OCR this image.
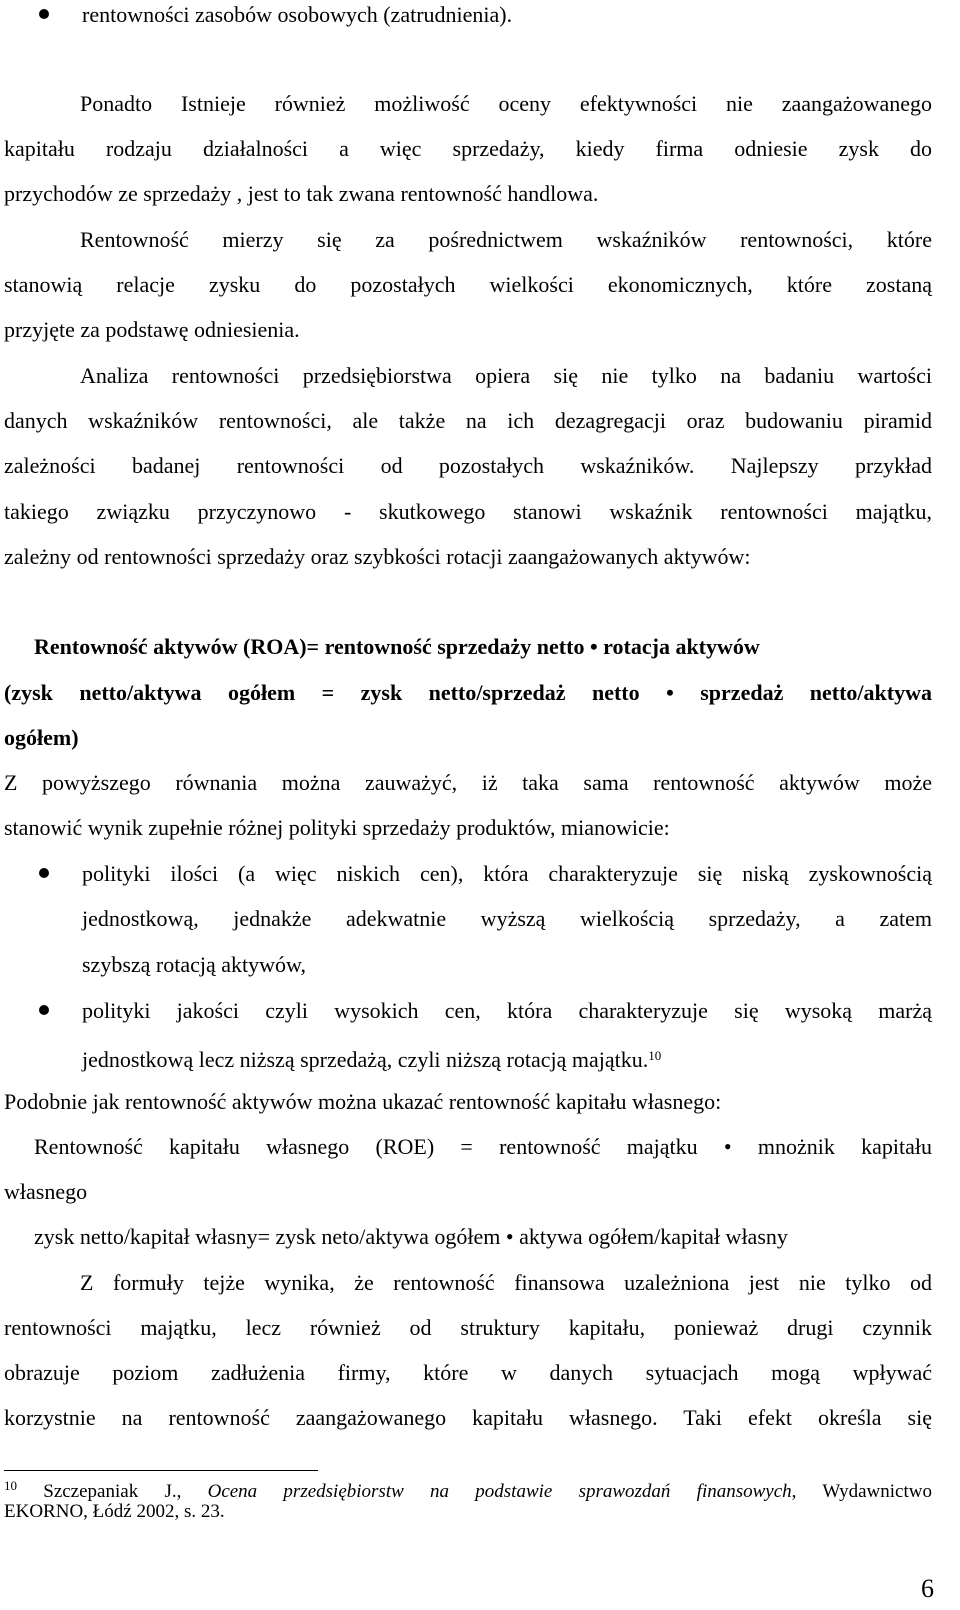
rentowności zasobów osobowych (zatrudnienia).
Ponadto Istnieje również możliwość oceny efektywności nie zaangażowanego
kapitału rodzaju działalności a więc sprzedaży, kiedy firma odniesie zysk do
przychodów ze sprzedaży , jest to tak zwana rentowność handlowa.
Rentowność mierzy się za pośrednictwem wskaźników rentowności, które
stanowią relacje zysku do pozostałych wielkości ekonomicznych, które zostaną
przyjęte za podstawę odniesienia.
Analiza rentowności przedsiębiorstwa opiera się nie tylko na badaniu wartości
danych wskaźników rentowności, ale także na ich dezagregacji oraz budowaniu piramid
zależności badanej rentowności od pozostałych wskaźników. Najlepszy przykład
takiego związku przyczynowo - skutkowego stanowi wskaźnik rentowności majątku,
zależny od rentowności sprzedaży oraz szybkości rotacji zaangażowanych aktywów:
Rentowność aktywów (ROA)= rentowność sprzedaży netto • rotacja aktywów
(zysk netto/aktywa ogółem = zysk netto/sprzedaż netto • sprzedaż netto/aktywa
ogółem)
Z powyższego równania można zauważyć, iż taka sama rentowność aktywów może
stanowić wynik zupełnie różnej polityki sprzedaży produktów, mianowicie:
polityki ilości (a więc niskich cen), która charakteryzuje się niską zyskownością
jednostkową, jednakże adekwatnie wyższą wielkością sprzedaży, a zatem
szybszą rotacją aktywów,
polityki jakości czyli wysokich cen, która charakteryzuje się wysoką marżą
jednostkową lecz niższą sprzedażą, czyli niższą rotacją majątku.$^{10}$
Podobnie jak rentowność aktywów można ukazać rentowność kapitału własnego:
Rentowność kapitału własnego (ROE) = rentowność majątku • mnożnik kapitału
własnego
zysk netto/kapitał własny= zysk neto/aktywa ogółem • aktywa ogółem/kapitał własny
Z formuły tejże wynika, że rentowność finansowa uzależniona jest nie tylko od
rentowności majątku, lecz również od struktury kapitału, ponieważ drugi czynnik
obrazuje poziom zadłużenia firmy, które w danych sytuacjach mogą wpływać
korzystnie na rentowność zaangażowanego kapitału własnego. Taki efekt określa się
$^{10}$ Szczepaniak J., Ocena przedsiębiorstw na podstawie sprawozdań finansowych, Wydawnictwo
EKORNO, Łódź 2002, s. 23.
6
